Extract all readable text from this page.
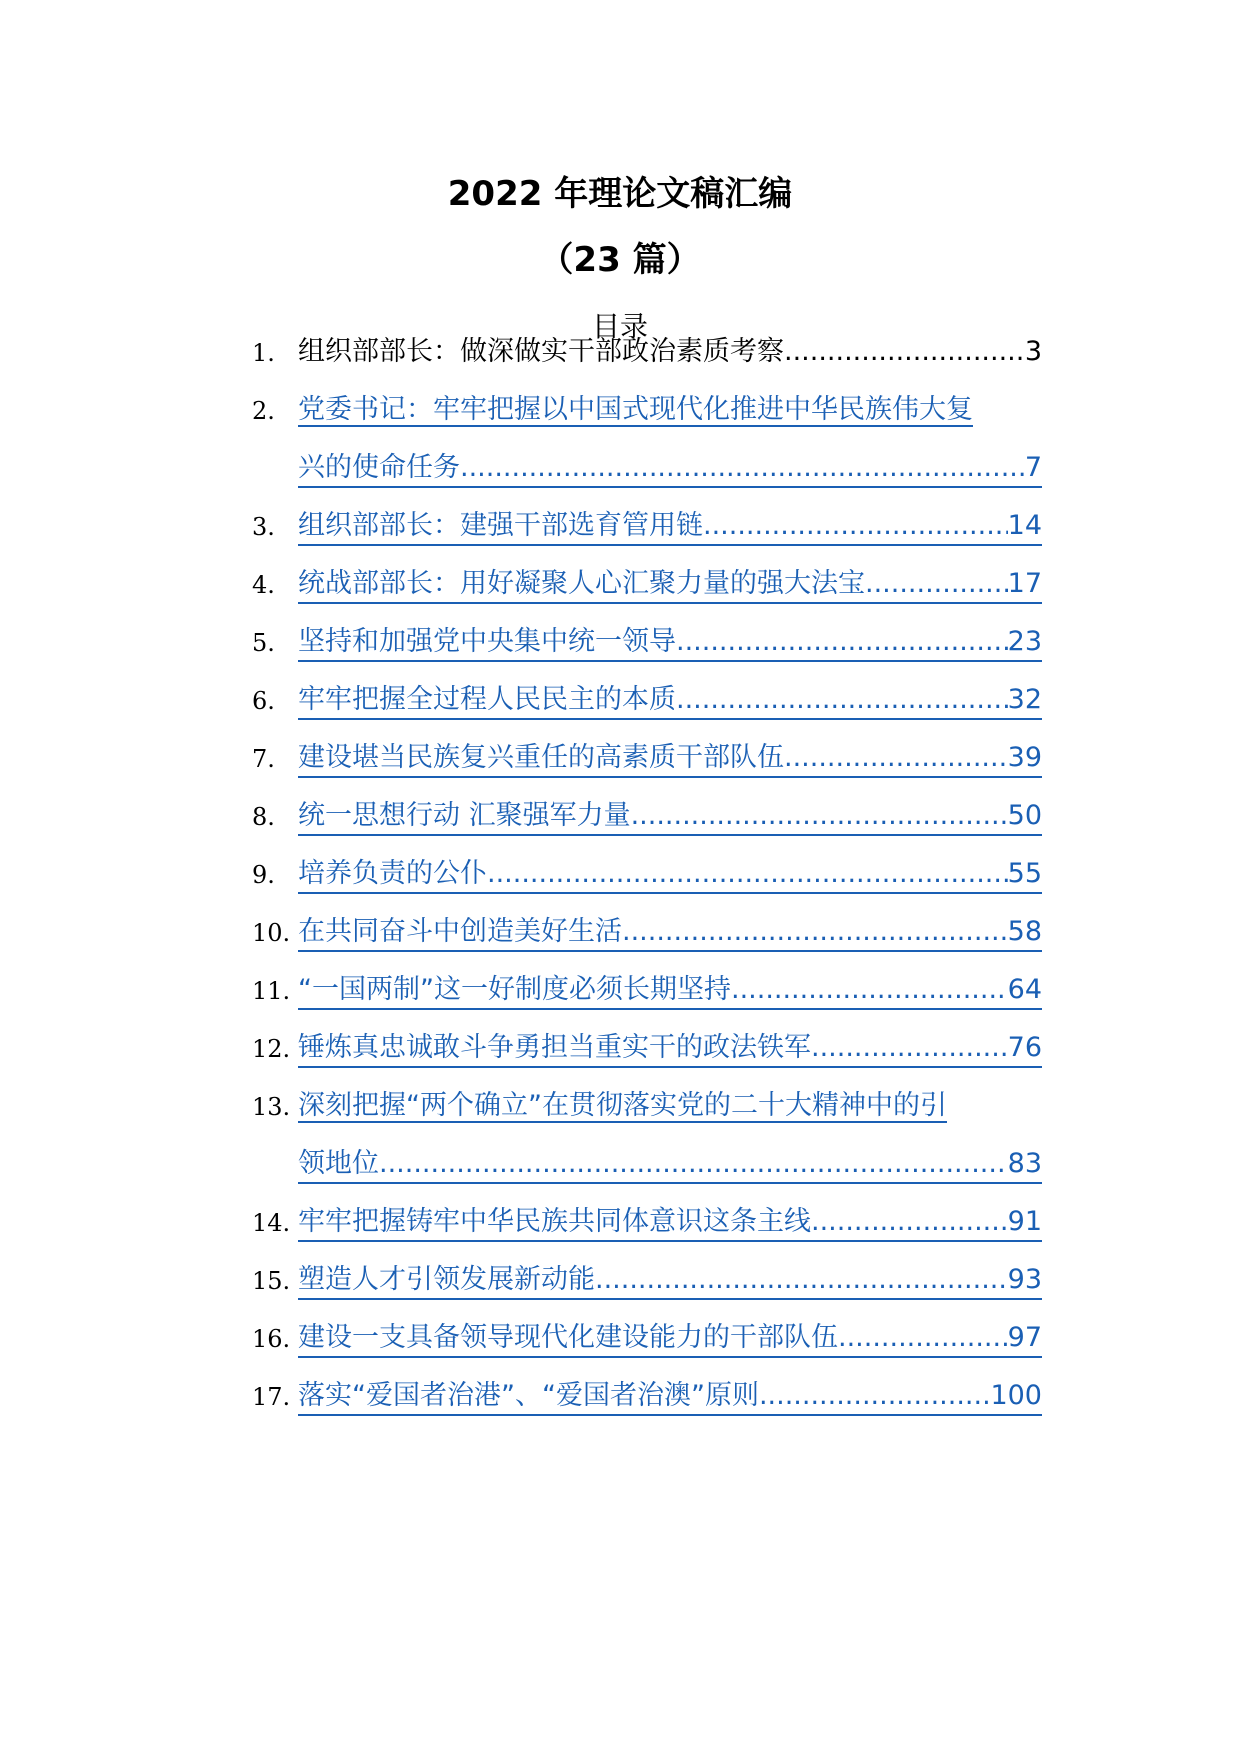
2022 年理论文稿汇编
（23 篇）
目录
1. 组织部部长：做深做实干部政治素质考察 .....	3
2. 党委书记：牢牢把握以中国式现代化推进中华民族伟大复
兴的使命任务 .....	7
3. 组织部部长：建强干部选育管用链 .....	14
4. 统战部部长：用好凝聚人心汇聚力量的强大法宝 .....	17
5. 坚持和加强党中央集中统一领导 .....	23
6. 牢牢把握全过程人民民主的本质 .....	32
7. 建设堪当民族复兴重任的高素质干部队伍 .....	39
8. 统一思想行动 汇聚强军力量 .....	50
9. 培养负责的公仆 .....	55
10. 在共同奋斗中创造美好生活 .....	58
11. “一国两制”这一好制度必须长期坚持 .....	64
12. 锤炼真忠诚敢斗争勇担当重实干的政法铁军 .....	76
13. 深刻把握“两个确立”在贯彻落实党的二十大精神中的引
领地位 .....	83
14. 牢牢把握铸牢中华民族共同体意识这条主线 .....	91
15. 塑造人才引领发展新动能 .....	93
16. 建设一支具备领导现代化建设能力的干部队伍 .....	97
17. 落实“爱国者治港”、“爱国者治澳”原则 .....	100
